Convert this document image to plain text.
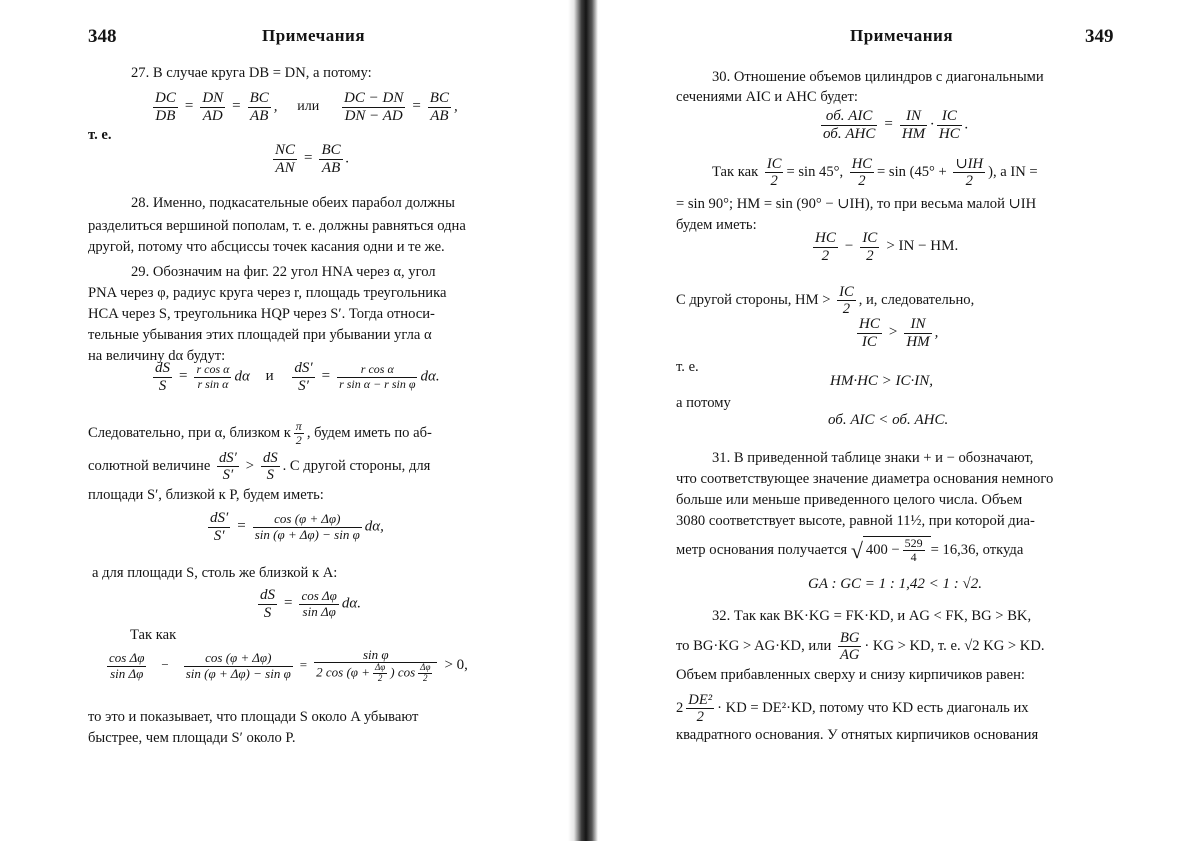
348	Примечания
27. В случае круга DB = DN, а потому:
$\frac{DC}{DB} = \frac{DN}{AD} = \frac{BC}{AB}$ , или $\frac{DC - DN}{DN - AD} = \frac{BC}{AB}$ ,
т. е.
$\frac{NC}{AN} = \frac{BC}{AB}$ .
28. Именно, подкасательные обеих парабол должны
разделиться вершиной пополам, т. е. должны равняться одна
другой, потому что абсциссы точек касания одни и те же.
29. Обозначим на фиг. 22 угол HNA через α, угол
PNA через φ, радиус круга через r, площадь треугольника
HCA через S, треугольника HQP через S′. Тогда относи-
тельные убывания этих площадей при убывании угла α
на величину dα будут:
$\frac{dS}{S} = \frac{\text{r cos α}}{\text{r sin α}}$ dα и $\frac{dS'}{S'} = \frac{\text{r cos α}}{\text{r sin α − r sin φ}} d\alpha$.
Следовательно, при α, близком к $\frac{\pi}{2}$ , будем иметь по аб-
солютной величине $\frac{dS'}{S'} > \frac{dS}{S}$ . С другой стороны, для
площади S′, близкой к P, будем иметь:
$\frac{dS'}{S'} = \frac{\cos (\varphi + \Delta\varphi)}{\text{sin (φ + Δφ) − sin φ}} d\alpha$,
а для площади S, столь же близкой к A:
$\frac{dS}{S} = \frac{\text{cos Δφ}}{\text{sin Δφ}} d\alpha$.
Так как
$\frac{\text{cos Δφ}}{\text{sin Δφ}} - \frac{\cos (\varphi + \Delta\varphi)}{\text{sin (φ + Δφ) − sin φ}} = \frac{\text{sin φ}}{2 \cos (\varphi + \frac{\Delta\varphi}{2} ) \cos \frac{\Delta\varphi}{2}} > 0$,
то это и показывает, что площади S около A убывают
быстрее, чем площади S′ около P.
Примечания	349
30. Отношение объемов цилиндров с диагональными
сечениями AIC и AHC будет:
$\frac{\text{об. AIC}}{\text{об. AHC}} = \frac{IN}{HM} \cdot \frac{IC}{HC}$ .
Так как $\frac{IC}{2} = \sin 45^\circ$, $\frac{HC}{2} = \sin (45^\circ + \frac{\cup IH}{2}$ ), а IN =
= sin 90°; HM = sin (90° − ∪IH), то при весьма малой ∪IH
будем иметь:
$\frac{HC}{2} - \frac{IC}{2}$ > IN − HM.
С другой стороны, HM > $\frac{IC}{2}$ , и, следовательно,
$\frac{HC}{IC} > \frac{IN}{HM}$ ,
т. е.
HM·HC > IC·IN,
а потому
об. AIC < об. AHC.
31. В приведенной таблице знаки + и − обозначают,
что соответствующее значение диаметра основания немного
больше или меньше приведенного целого числа. Объем
3080 соответствует высоте, равной 11½, при которой диа-
метр основания получается √ $400 - \frac{529}{4} = 16,36$, откуда
GA : GC = 1 : 1,42 < 1 : √2.
32. Так как BK·KG = FK·KD, и AG < FK, BG > BK,
то BG·KG > AG·KD, или $\frac{BG}{AG}$ · KG > KD, т. е. √2 KG > KD.
Объем прибавленных сверху и снизу кирпичиков равен:
$2 \frac{\text{DE²}}{2}$ · KD = DE²·KD, потому что KD есть диагональ их
квадратного основания. У отнятых кирпичиков основания
